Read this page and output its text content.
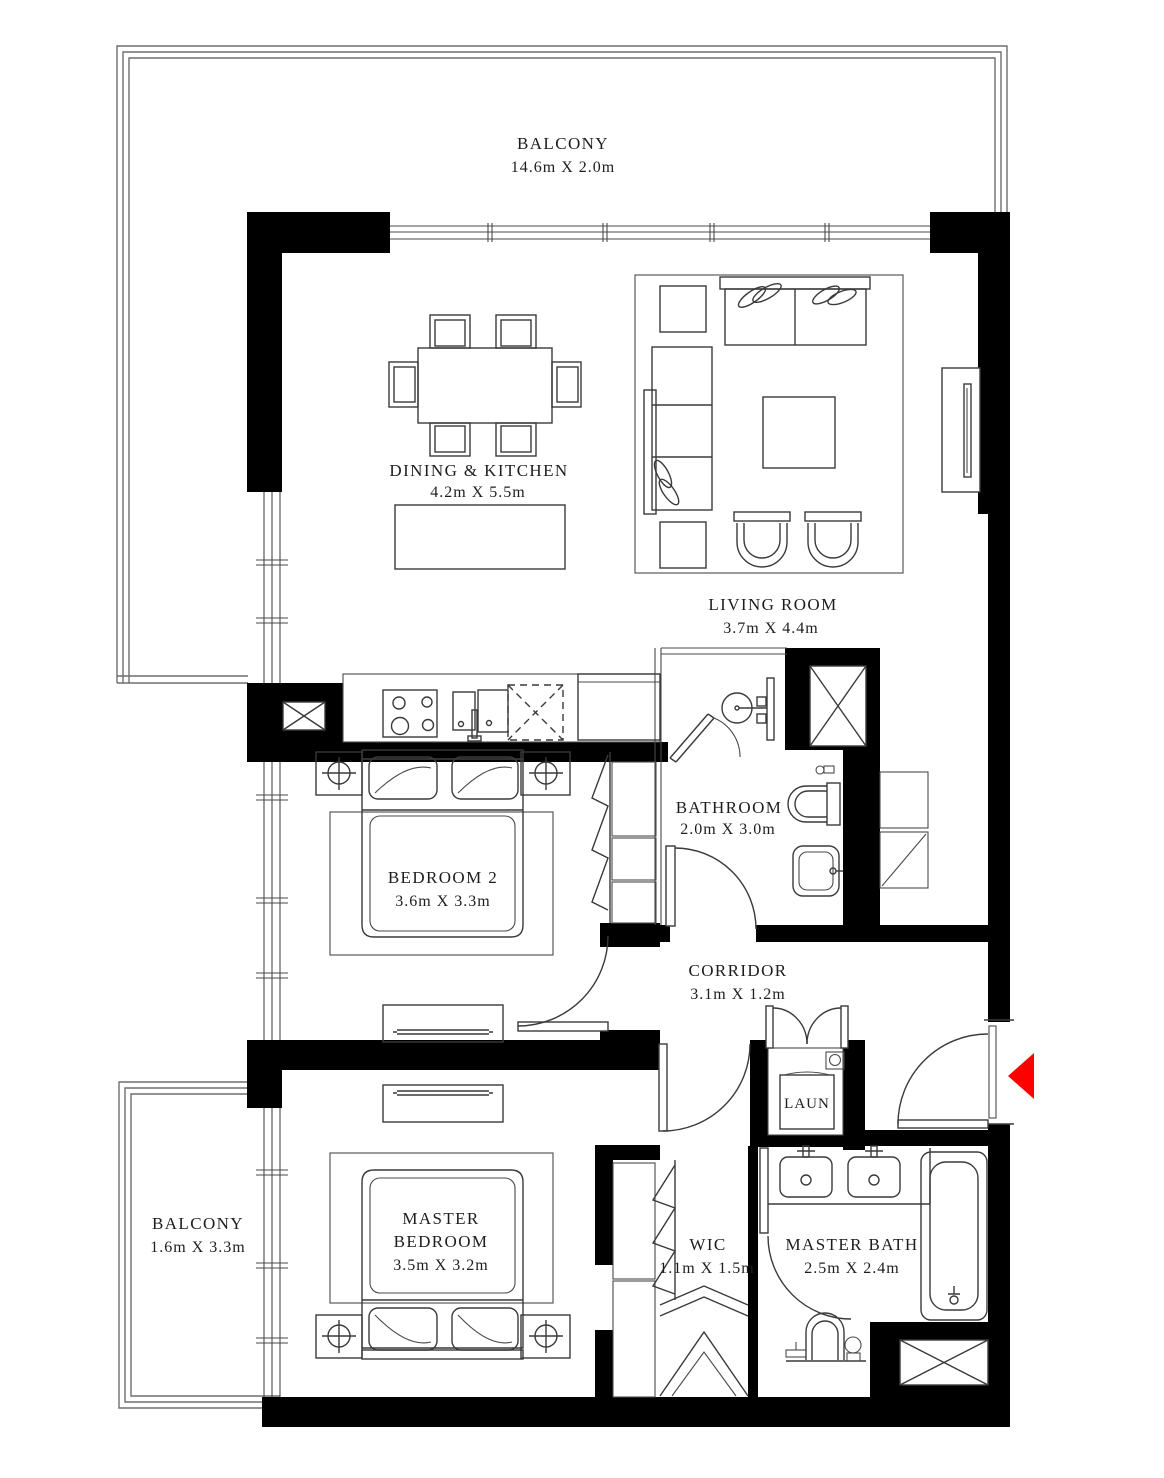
DINING & KITCHEN
4.2m X 5.5m
LIVING ROOM
3.7m X 4.4m
BATHROOM
2.0m X 3.0m
BEDROOM 2
3.6m X 3.3m
CORRIDOR
3.1m X 1.2m
LAUN
BALCONY
1.6m X 3.3m
MASTER
BEDROOM
3.5m X 3.2m
WIC
1.1m X 1.5m
MASTER BATH
2.5m X 2.4m
BALCONY
14.6m X 2.0m
